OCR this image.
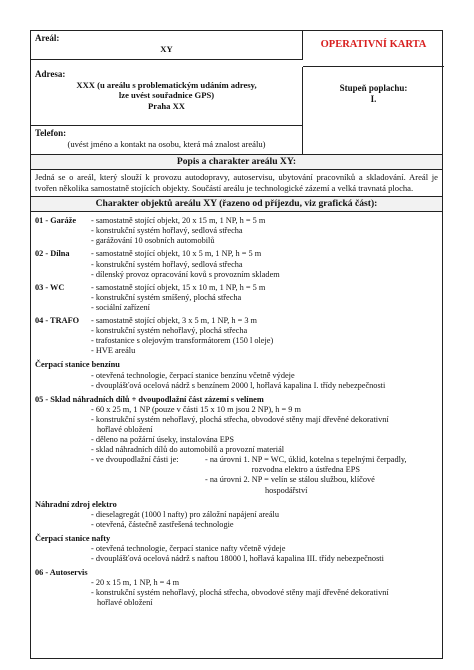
Areál:
XY	OPERATIVNÍ KARTA
Adresa:
XXX (u areálu s problematickým udáním adresy,
lze uvést souřadnice GPS)
Praha XX
Stupeň poplachu:
I.
Telefon:
(uvést jméno a kontakt na osobu, která má znalost areálu)
Popis a charakter areálu XY:
Jedná se o areál, který slouží k provozu autodopravy, autoservisu, ubytování pracovníků a skladování. Areál je tvořen několika samostatně stojících objekty. Součástí areálu je technologické zázemí a velká travnatá plocha.
Charakter objektů areálu XY (řazeno od příjezdu, viz grafická část):
01 - Garáže	- samostatně stojící objekt, 20 x 15 m, 1 NP, h = 5 m
- konstrukční systém hořlavý, sedlová střecha
- garážování 10 osobních automobilů
02 - Dílna	- samostatně stojící objekt, 10 x 5 m, 1 NP, h = 5 m
- konstrukční systém hořlavý, sedlová střecha
- dílenský provoz opracování kovů s provozním skladem
03 - WC	- samostatně stojící objekt, 15 x 10 m, 1 NP, h = 5 m
- konstrukční systém smíšený, plochá střecha
- sociální zařízení
04 - TRAFO	- samostatně stojící objekt, 3 x 5 m, 1 NP, h = 3 m
- konstrukční systém nehořlavý, plochá střecha
- trafostanice s olejovým transformátorem (150 l oleje)
- HVE areálu
Čerpací stanice benzínu
- otevřená technologie, čerpací stanice benzínu včetně výdeje
- dvouplášťová ocelová nádrž s benzínem 2000 l, hořlavá kapalina I. třídy nebezpečnosti
05 - Sklad náhradních dílů + dvoupodlažní část zázemí s velínem
- 60 x 25 m, 1 NP (pouze v části 15 x 10 m jsou 2 NP), h = 9 m
- konstrukční systém nehořlavý, plochá střecha, obvodové stěny mají dřevěné dekorativní
hořlavé obložení
- děleno na požární úseky, instalována EPS
- sklad náhradních dílů do automobilů a provozní materiál
- ve dvoupodlažní části je:	- na úrovni 1. NP = WC, úklid, kotelna s tepelnými čerpadly,
rozvodna elektro a ústředna EPS
- na úrovni 2. NP = velín se stálou službou, klíčové
hospodářství
Náhradní zdroj elektro
- dieselagregát (1000 l nafty) pro záložní napájení areálu
- otevřená, částečně zastřešená technologie
Čerpací stanice nafty
- otevřená technologie, čerpací stanice nafty včetně výdeje
- dvouplášťová ocelová nádrž s naftou 18000 l, hořlavá kapalina III. třídy nebezpečnosti
06 - Autoservis
- 20 x 15 m, 1 NP, h = 4 m
- konstrukční systém nehořlavý, plochá střecha, obvodové stěny mají dřevěné dekorativní
hořlavé obložení
